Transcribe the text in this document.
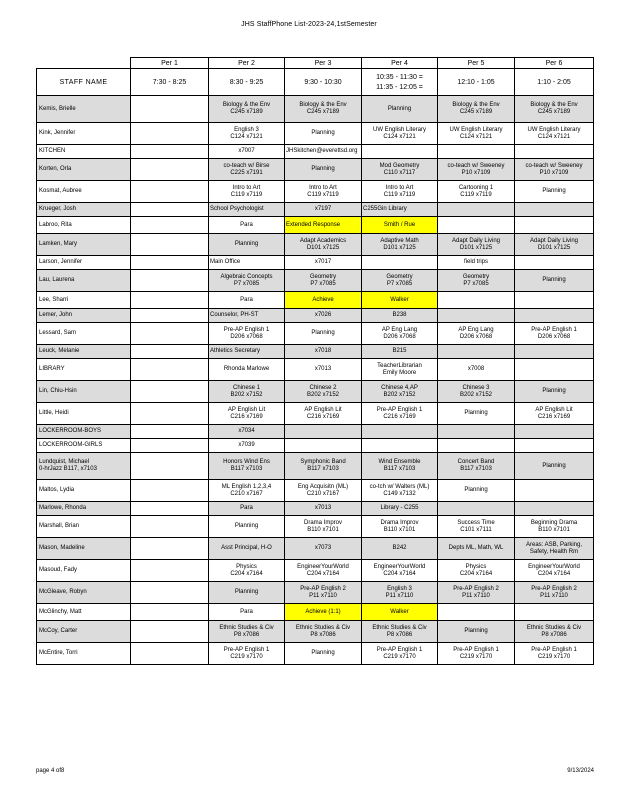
JHS StaffPhone List-2023-24,1stSemester
	Per 1	Per 2	Per 3	Per 4	Per 5	Per 6	
STAFF NAME	7:30 - 8:25	8:30 - 9:25	9:30 - 10:30	10:35 - 11:30 =
11:35 - 12:05 =	12:10 - 1:05	1:10 - 2:05	

Kemis, Brielle		Biology & the Env
C245 x7189	Biology & the Env
C245 x7189	Planning	Biology & the Env
C245 x7189	Biology & the Env
C245 x7189

Kink, Jennifer		English 3
C124 x7121	Planning	UW English Literary
C124 x7121	UW English Literary
C124 x7121	UW English Literary
C124 x7121

KITCHEN		x7007	JHSkitchen@everettsd.org				

Korten, Orla		co-teach w/ Birse
C225 x7191	Planning	Mod Geometry
C110 x7117	co-teach w/ Sweeney
P10 x7109	co-teach w/ Sweeney
P10 x7109

Kosmat, Aubree		Intro to Art
C119 x7119	Intro to Art
C119 x7119	Intro to Art
C119 x7119	Cartooning 1
C119 x7119	Planning

Krueger, Josh		School Psychologist	x7197	C255Gin Library			

Labroo, Rita		Para	Extended Response	Smith / Rue			

Lamken, Mary		Planning	Adapt Academics
D101 x7125	Adaptive Math
D101 x7125	Adapt Daily Living
D101 x7125	Adapt Daily Living
D101 x7125

Larson, Jennifer		Main Office	x7017		field trips		

Lau, Laurena		Algebraic Concepts
P7 x7085	Geometry
P7 x7085	Geometry
P7 x7085	Geometry
P7 x7085	Planning

Lee, Sharri		Para	Achieve	Walker			

Lemer, John		Counselor, PH-ST	x7026	B238			

Lessard, Sam		Pre-AP English 1
D206 x7068	Planning	AP Eng Lang
D206 x7068	AP Eng Lang
D206 x7068	Pre-AP English 1
D206 x7068

Leuck, Melanie		Athletics Secretary	x7018	B215			

LIBRARY		Rhonda Marlowe	x7013	TeacherLibrarian
Emily Moore	x7008		

Lin, Chiu-Hsin		Chinese 1
B202 x7152	Chinese 2
B202 x7152	Chinese 4,AP
B202 x7152	Chinese 3
B202 x7152	Planning	

Little, Heidi		AP English Lit
C216 x7169	AP English Lit
C216 x7169	Pre-AP English 1
C216 x7169	Planning	AP English Lit
C216 x7169

LOCKERROOM-BOYS		x7034					

LOCKERROOM-GIRLS		x7039					

Lundquist, Michael
0-hrJazz B117, x7103		Honors Wind Ens
B117 x7103	Symphonic Band
B117 x7103	Wind Ensemble
B117 x7103	Concert Band
B117 x7103	Planning	

Maltos, Lydia		ML English 1,2,3,4
C210 x7167	Eng Acquisitn (ML)
C210 x7167	co-tch w/ Walters (ML)
C149 x7132	Planning		

Marlowe, Rhonda		Para	x7013	Library - C255			

Marshall, Brian		Planning	Drama Improv
B110 x7101	Drama Improv
B110 x7101	Success Time
C101 x7111	Beginning Drama
B110 x7101

Mason, Madeline		Asst Principal, H-O	x7073	B242	Depts ML, Math, WL	Areas: ASB, Parking,
Safety, Health Rm

Masoud, Fady		Physics
C204 x7164	EngineerYourWorld
C204 x7164	EngineerYourWorld
C204 x7164	Physics
C204 x7164	EngineerYourWorld
C204 x7164

McGleave, Robyn		Planning	Pre-AP English 2
P11 x7110	English 3
P11 x7110	Pre-AP English 2
P11 x7110	Pre-AP English 2
P11 x7110

McGlinchy, Matt		Para	Achieve (1:1)	Walker			

McCoy, Carter		Ethnic Studies & Civ
P8 x7086	Ethnic Studies & Civ
P8 x7086	Ethnic Studies & Civ
P8 x7086	Planning	Ethnic Studies & Civ
P8 x7086

McEntire, Torri		Pre-AP English 1
C219 x7170	Planning	Pre-AP English 1
C219 x7170	Pre-AP English 1
C219 x7170	Pre-AP English 1
C219 x7170

page 4 of8	9/13/2024
